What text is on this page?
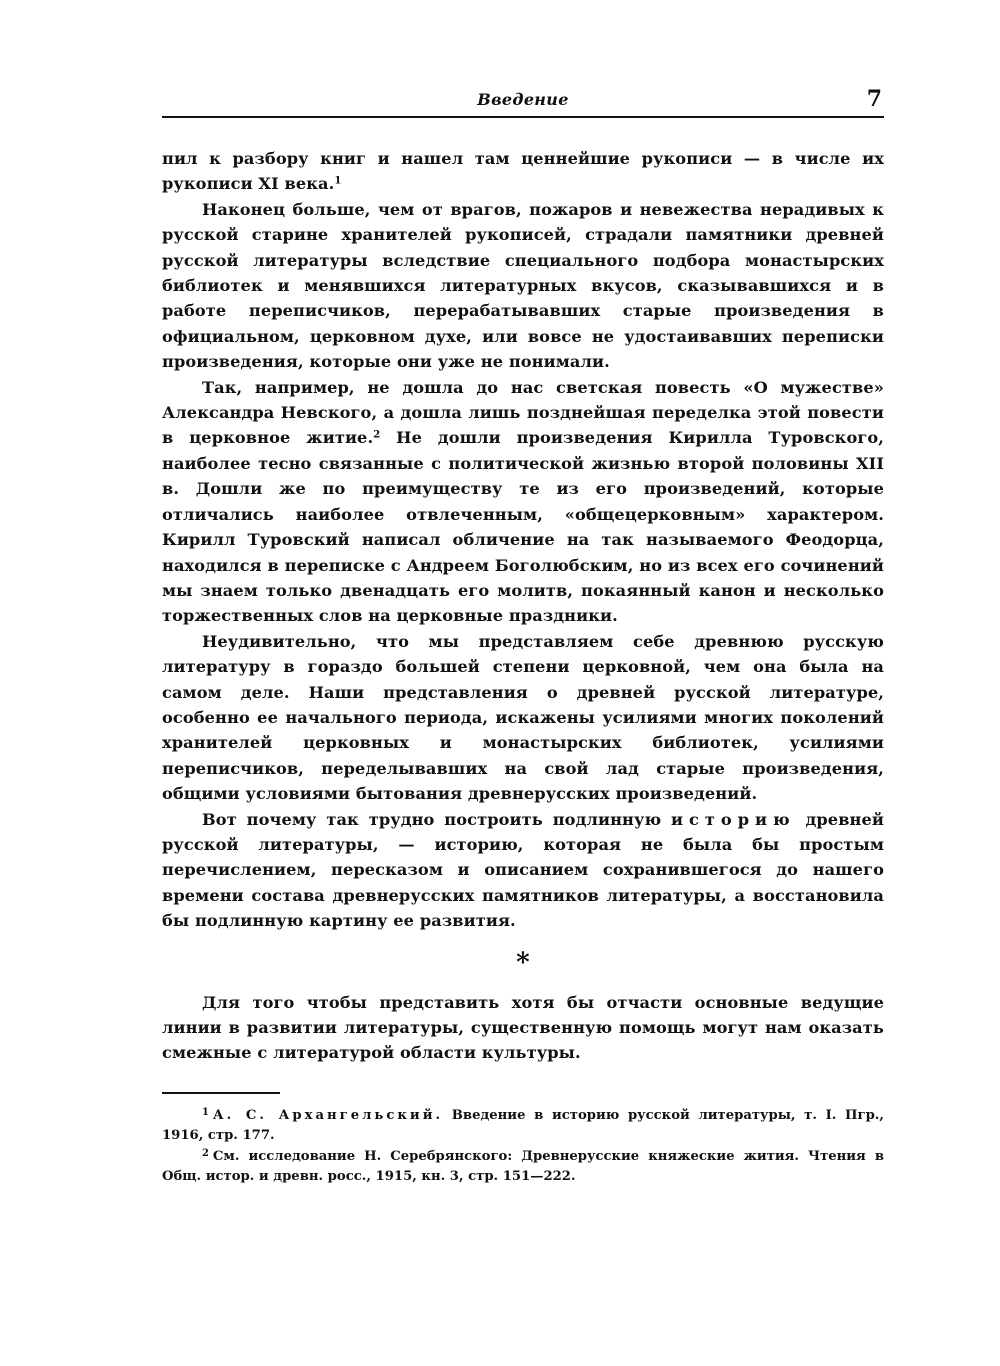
Введение	7

пил к разбору книг и нашел там ценнейшие рукописи — в числе их рукописи XI века.$^1$

Наконец больше, чем от врагов, пожаров и невежества нерадивых к русской старине хранителей рукописей, страдали памятники древней русской литературы вследствие специального подбора монастырских библиотек и менявшихся литературных вкусов, сказывавшихся и в работе переписчиков, перерабатывавших старые произведения в официальном, церковном духе, или вовсе не удостаивавших переписки произведения, которые они уже не понимали.

Так, например, не дошла до нас светская повесть «О мужестве» Александра Невского, а дошла лишь позднейшая переделка этой повести в церковное житие.$^2$ Не дошли произведения Кирилла Туровского, наиболее тесно связанные с политической жизнью второй половины XII в. Дошли же по преимуществу те из его произведений, которые отличались наиболее отвлеченным, «общецерковным» характером. Кирилл Туровский написал обличение на так называемого Феодорца, находился в переписке с Андреем Боголюбским, но из всех его сочинений мы знаем только двенадцать его молитв, покаянный канон и несколько торжественных слов на церковные праздники.

Неудивительно, что мы представляем себе древнюю русскую литературу в гораздо большей степени церковной, чем она была на самом деле. Наши представления о древней русской литературе, особенно ее начального периода, искажены усилиями многих поколений хранителей церковных и монастырских библиотек, усилиями переписчиков, переделывавших на свой лад старые произведения, общими условиями бытования древнерусских произведений.

Вот почему так трудно построить подлинную историю древней русской литературы, — историю, которая не была бы простым перечислением, пересказом и описанием сохранившегося до нашего времени состава древнерусских памятников литературы, а восстановила бы подлинную картину ее развития.

*

Для того чтобы представить хотя бы отчасти основные ведущие линии в развитии литературы, существенную помощь могут нам оказать смежные с литературой области культуры.

$^1$ А. С. Архангельский. Введение в историю русской литературы, т. I. Пгр., 1916, стр. 177.

$^2$ См. исследование Н. Серебрянского: Древнерусские княжеские жития. Чтения в Общ. истор. и древн. росс., 1915, кн. 3, стр. 151—222.
